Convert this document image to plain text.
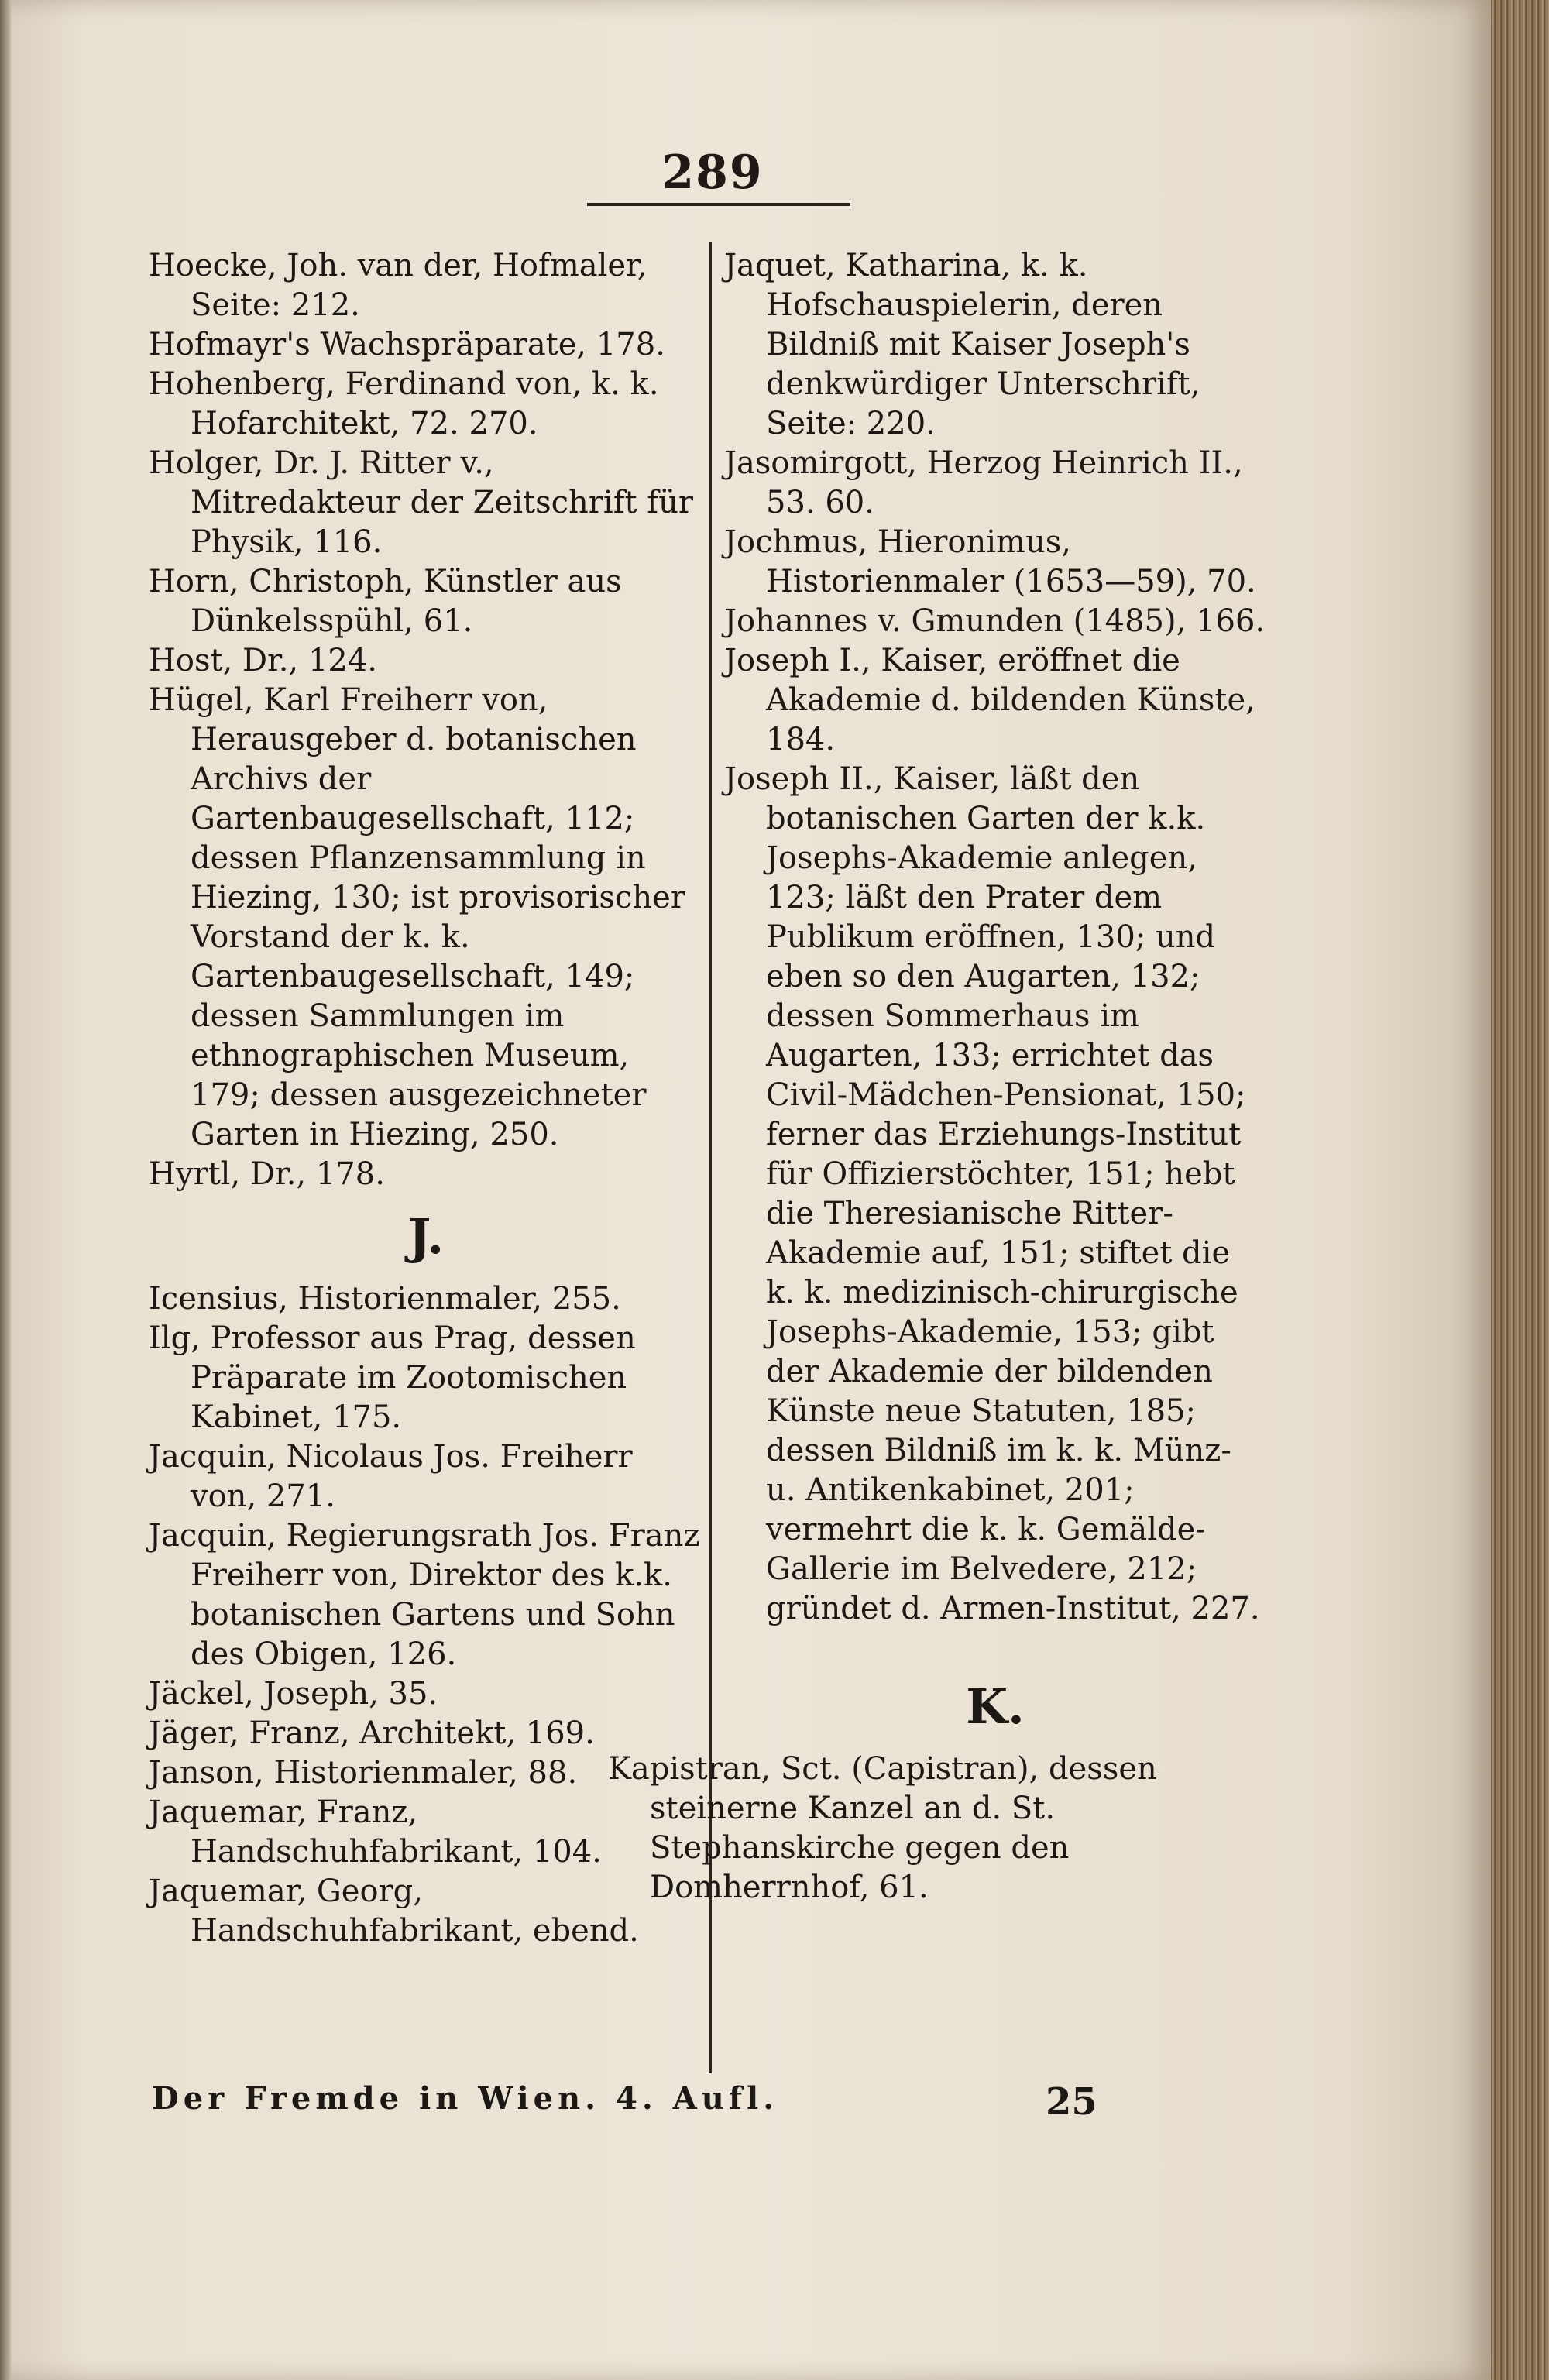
289

Hoecke, Joh. van der, Hofmaler, Seite: 212.

Hofmayr's Wachspräparate, 178.

Hohenberg, Ferdinand von, k. k. Hofarchitekt, 72. 270.

Holger, Dr. J. Ritter v., Mitredakteur der Zeitschrift für Physik, 116.

Horn, Christoph, Künstler aus Dünkelsspühl, 61.

Host, Dr., 124.

Hügel, Karl Freiherr von, Herausgeber d. botanischen Archivs der Gartenbaugesellschaft, 112; dessen Pflanzensammlung in Hiezing, 130; ist provisorischer Vorstand der k. k. Gartenbaugesellschaft, 149; dessen Sammlungen im ethnographischen Museum, 179; dessen ausgezeichneter Garten in Hiezing, 250.

Hyrtl, Dr., 178.

J.

Icensius, Historienmaler, 255.

Ilg, Professor aus Prag, dessen Präparate im Zootomischen Kabinet, 175.

Jacquin, Nicolaus Jos. Freiherr von, 271.

Jacquin, Regierungsrath Jos. Franz Freiherr von, Direktor des k.k. botanischen Gartens und Sohn des Obigen, 126.

Jäckel, Joseph, 35.

Jäger, Franz, Architekt, 169.

Janson, Historienmaler, 88.

Jaquemar, Franz, Handschuhfabrikant, 104.

Jaquemar, Georg, Handschuhfabrikant, ebend.

Jaquet, Katharina, k. k. Hofschauspielerin, deren Bildniß mit Kaiser Joseph's denkwürdiger Unterschrift, Seite: 220.

Jasomirgott, Herzog Heinrich II., 53. 60.

Jochmus, Hieronimus, Historienmaler (1653—59), 70.

Johannes v. Gmunden (1485), 166.

Joseph I., Kaiser, eröffnet die Akademie d. bildenden Künste, 184.

Joseph II., Kaiser, läßt den botanischen Garten der k.k. Josephs-Akademie anlegen, 123; läßt den Prater dem Publikum eröffnen, 130; und eben so den Augarten, 132; dessen Sommerhaus im Augarten, 133; errichtet das Civil-Mädchen-Pensionat, 150; ferner das Erziehungs-Institut für Offizierstöchter, 151; hebt die Theresianische Ritter-Akademie auf, 151; stiftet die k. k. medizinisch-chirurgische Josephs-Akademie, 153; gibt der Akademie der bildenden Künste neue Statuten, 185; dessen Bildniß im k. k. Münz- u. Antikenkabinet, 201; vermehrt die k. k. Gemälde-Gallerie im Belvedere, 212; gründet d. Armen-Institut, 227.

K.

Kapistran, Sct. (Capistran), dessen steinerne Kanzel an d. St. Stephanskirche gegen den Domherrnhof, 61.

Der Fremde in Wien. 4. Aufl.	25
